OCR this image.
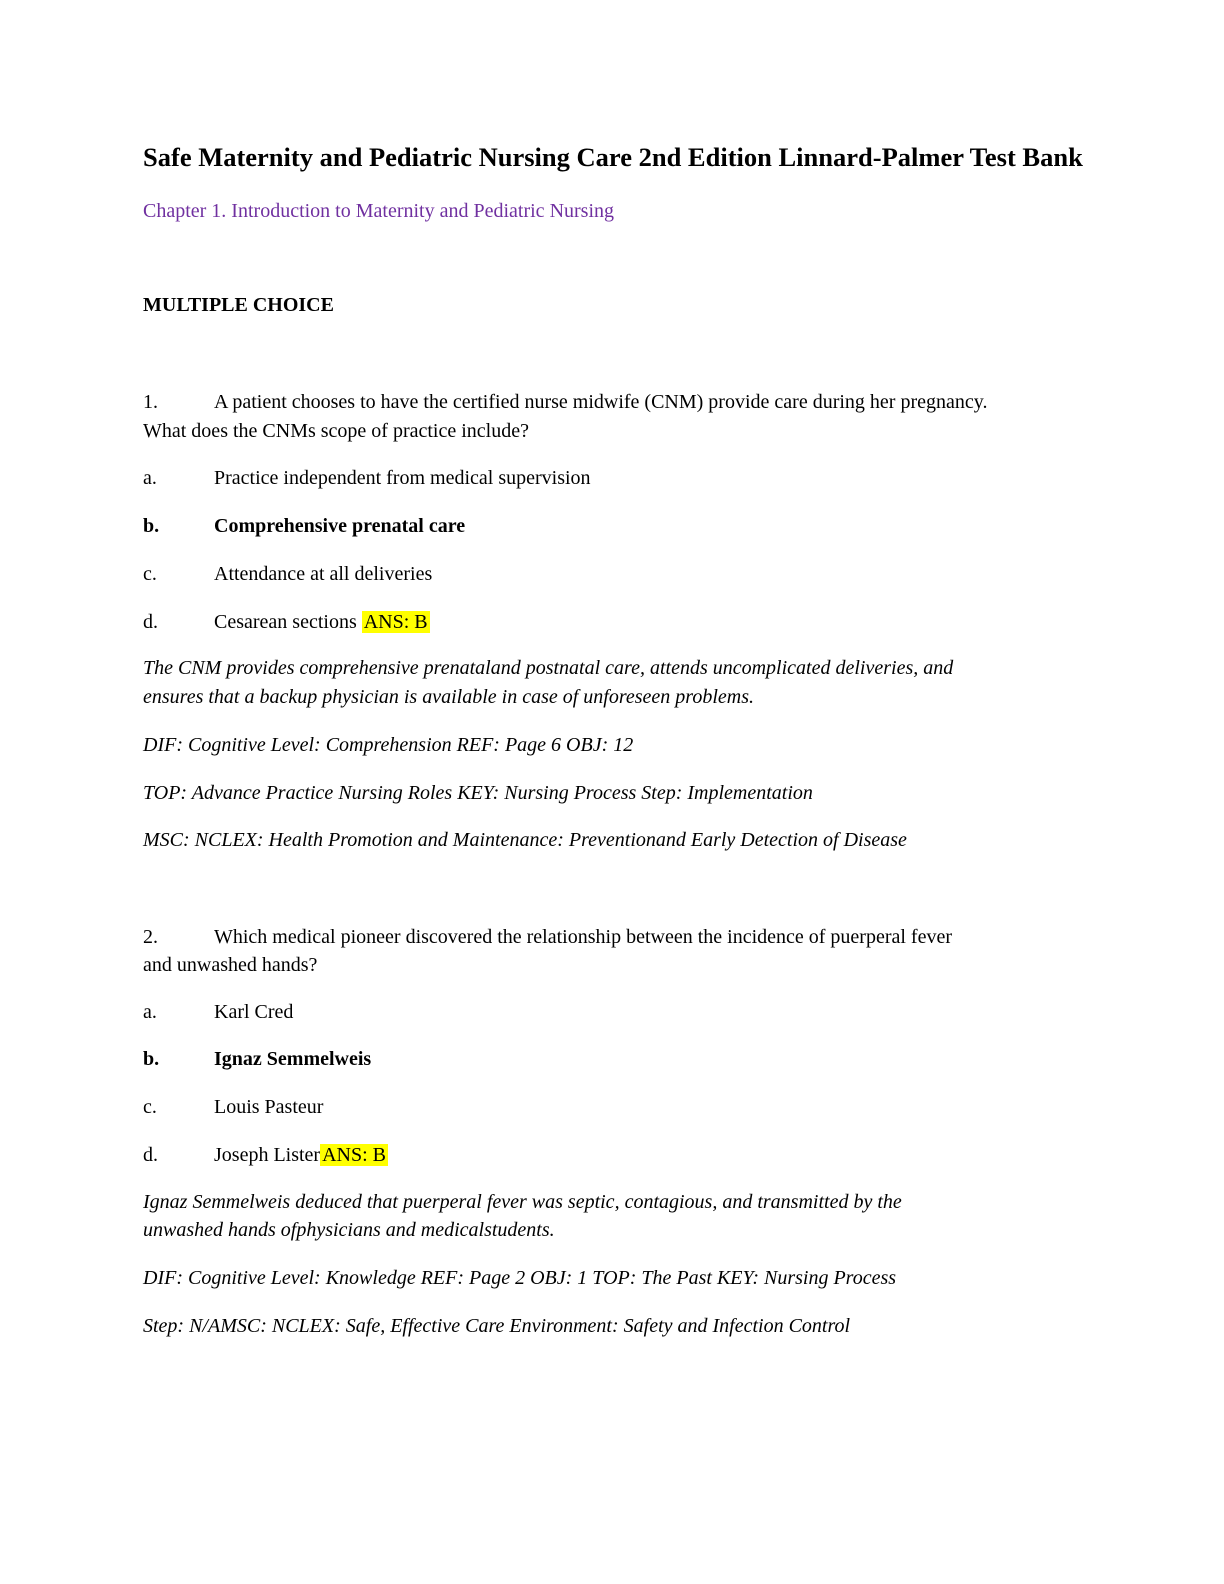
Safe Maternity and Pediatric Nursing Care 2nd Edition Linnard-Palmer Test Bank
Chapter 1. Introduction to Maternity and Pediatric Nursing
MULTIPLE CHOICE
1.	A patient chooses to have the certified nurse midwife (CNM) provide care during her pregnancy.
What does the CNMs scope of practice include?
a.	Practice independent from medical supervision
b.	Comprehensive prenatal care
c.	Attendance at all deliveries
d.	Cesarean sections ANS: B
The CNM provides comprehensive prenataland postnatal care, attends uncomplicated deliveries, and
ensures that a backup physician is available in case of unforeseen problems.
DIF: Cognitive Level: Comprehension REF: Page 6 OBJ: 12
TOP: Advance Practice Nursing Roles KEY: Nursing Process Step: Implementation
MSC: NCLEX: Health Promotion and Maintenance: Preventionand Early Detection of Disease
2.	Which medical pioneer discovered the relationship between the incidence of puerperal fever
and unwashed hands?
a.	Karl Cred
b.	Ignaz Semmelweis
c.	Louis Pasteur
d.	Joseph Lister ANS: B
Ignaz Semmelweis deduced that puerperal fever was septic, contagious, and transmitted by the
unwashed hands ofphysicians and medicalstudents.
DIF: Cognitive Level: Knowledge REF: Page 2 OBJ: 1 TOP: The Past KEY: Nursing Process
Step: N/AMSC: NCLEX: Safe, Effective Care Environment: Safety and Infection Control
